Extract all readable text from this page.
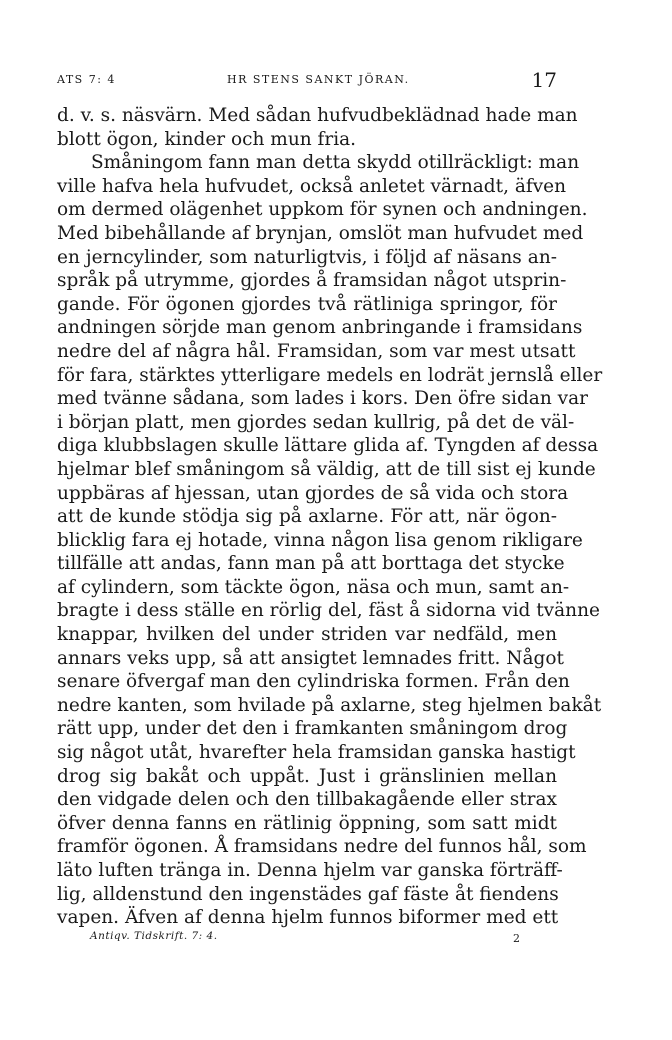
ATS 7: 4	HR STENS SANKT JÖRAN.	17
d. v. s. näsvärn. Med sådan hufvudbeklädnad hade man
blott ögon, kinder och mun fria.
Småningom fann man detta skydd otillräckligt: man
ville hafva hela hufvudet, också anletet värnadt, äfven
om dermed olägenhet uppkom för synen och andningen.
Med bibehållande af brynjan, omslöt man hufvudet med
en jerncylinder, som naturligtvis, i följd af näsans an-
språk på utrymme, gjordes å framsidan något utsprin-
gande. För ögonen gjordes två rätliniga springor, för
andningen sörjde man genom anbringande i framsidans
nedre del af några hål. Framsidan, som var mest utsatt
för fara, stärktes ytterligare medels en lodrät jernslå eller
med tvänne sådana, som lades i kors. Den öfre sidan var
i början platt, men gjordes sedan kullrig, på det de väl-
diga klubbslagen skulle lättare glida af. Tyngden af dessa
hjelmar blef småningom så väldig, att de till sist ej kunde
uppbäras af hjessan, utan gjordes de så vida och stora
att de kunde stödja sig på axlarne. För att, när ögon-
blicklig fara ej hotade, vinna någon lisa genom rikligare
tillfälle att andas, fann man på att borttaga det stycke
af cylindern, som täckte ögon, näsa och mun, samt an-
bragte i dess ställe en rörlig del, fäst å sidorna vid tvänne
knappar, hvilken del under striden var nedfäld, men
annars veks upp, så att ansigtet lemnades fritt. Något
senare öfvergaf man den cylindriska formen. Från den
nedre kanten, som hvilade på axlarne, steg hjelmen bakåt
rätt upp, under det den i framkanten småningom drog
sig något utåt, hvarefter hela framsidan ganska hastigt
drog sig bakåt och uppåt. Just i gränslinien mellan
den vidgade delen och den tillbakagående eller strax
öfver denna fanns en rätlinig öppning, som satt midt
framför ögonen. Å framsidans nedre del funnos hål, som
läto luften tränga in. Denna hjelm var ganska förträff-
lig, alldenstund den ingenstädes gaf fäste åt fiendens
vapen. Äfven af denna hjelm funnos biformer med ett
Antiqv. Tidskrift. 7: 4.	2
